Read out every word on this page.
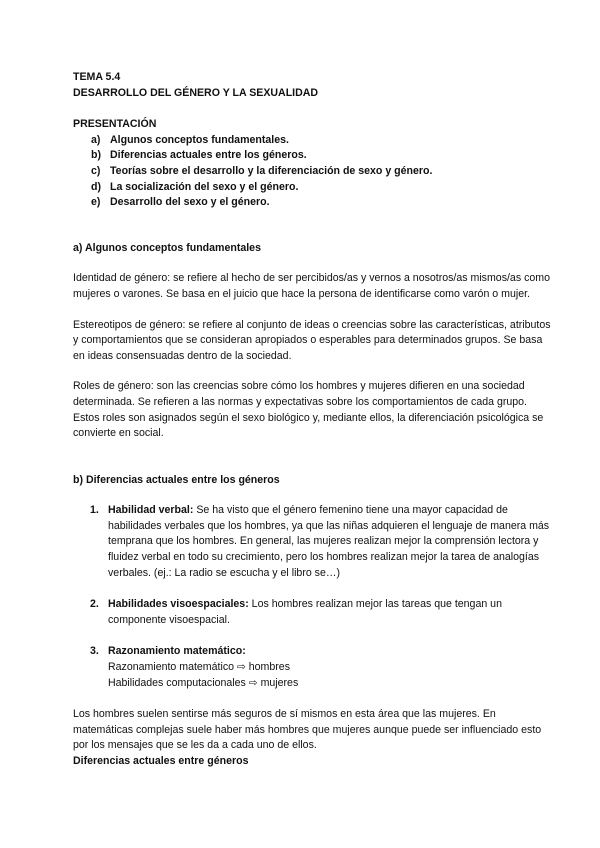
TEMA 5.4

DESARROLLO DEL GÉNERO Y LA SEXUALIDAD

PRESENTACIÓN

a) Algunos conceptos fundamentales.
b) Diferencias actuales entre los géneros.
c) Teorías sobre el desarrollo y la diferenciación de sexo y género.
d) La socialización del sexo y el género.
e) Desarrollo del sexo y el género.

a) Algunos conceptos fundamentales

Identidad de género: se refiere al hecho de ser percibidos/as y vernos a nosotros/as mismos/as como mujeres o varones. Se basa en el juicio que hace la persona de identificarse como varón o mujer.

Estereotipos de género: se refiere al conjunto de ideas o creencias sobre las características, atributos y comportamientos que se consideran apropiados o esperables para determinados grupos. Se basa en ideas consensuadas dentro de la sociedad.

Roles de género: son las creencias sobre cómo los hombres y mujeres difieren en una sociedad determinada. Se refieren a las normas y expectativas sobre los comportamientos de cada grupo. Estos roles son asignados según el sexo biológico y, mediante ellos, la diferenciación psicológica se convierte en social.

b) Diferencias actuales entre los géneros

1. Habilidad verbal: Se ha visto que el género femenino tiene una mayor capacidad de habilidades verbales que los hombres, ya que las niñas adquieren el lenguaje de manera más temprana que los hombres. En general, las mujeres realizan mejor la comprensión lectora y fluidez verbal en todo su crecimiento, pero los hombres realizan mejor la tarea de analogías verbales. (ej.: La radio se escucha y el libro se…)
2. Habilidades visoespaciales: Los hombres realizan mejor las tareas que tengan un componente visoespacial.
3. Razonamiento matemático:
Razonamiento matemático ⇨ hombres
Habilidades computacionales ⇨ mujeres

Los hombres suelen sentirse más seguros de sí mismos en esta área que las mujeres. En matemáticas complejas suele haber más hombres que mujeres aunque puede ser influenciado esto por los mensajes que se les da a cada uno de ellos.

Diferencias actuales entre géneros
